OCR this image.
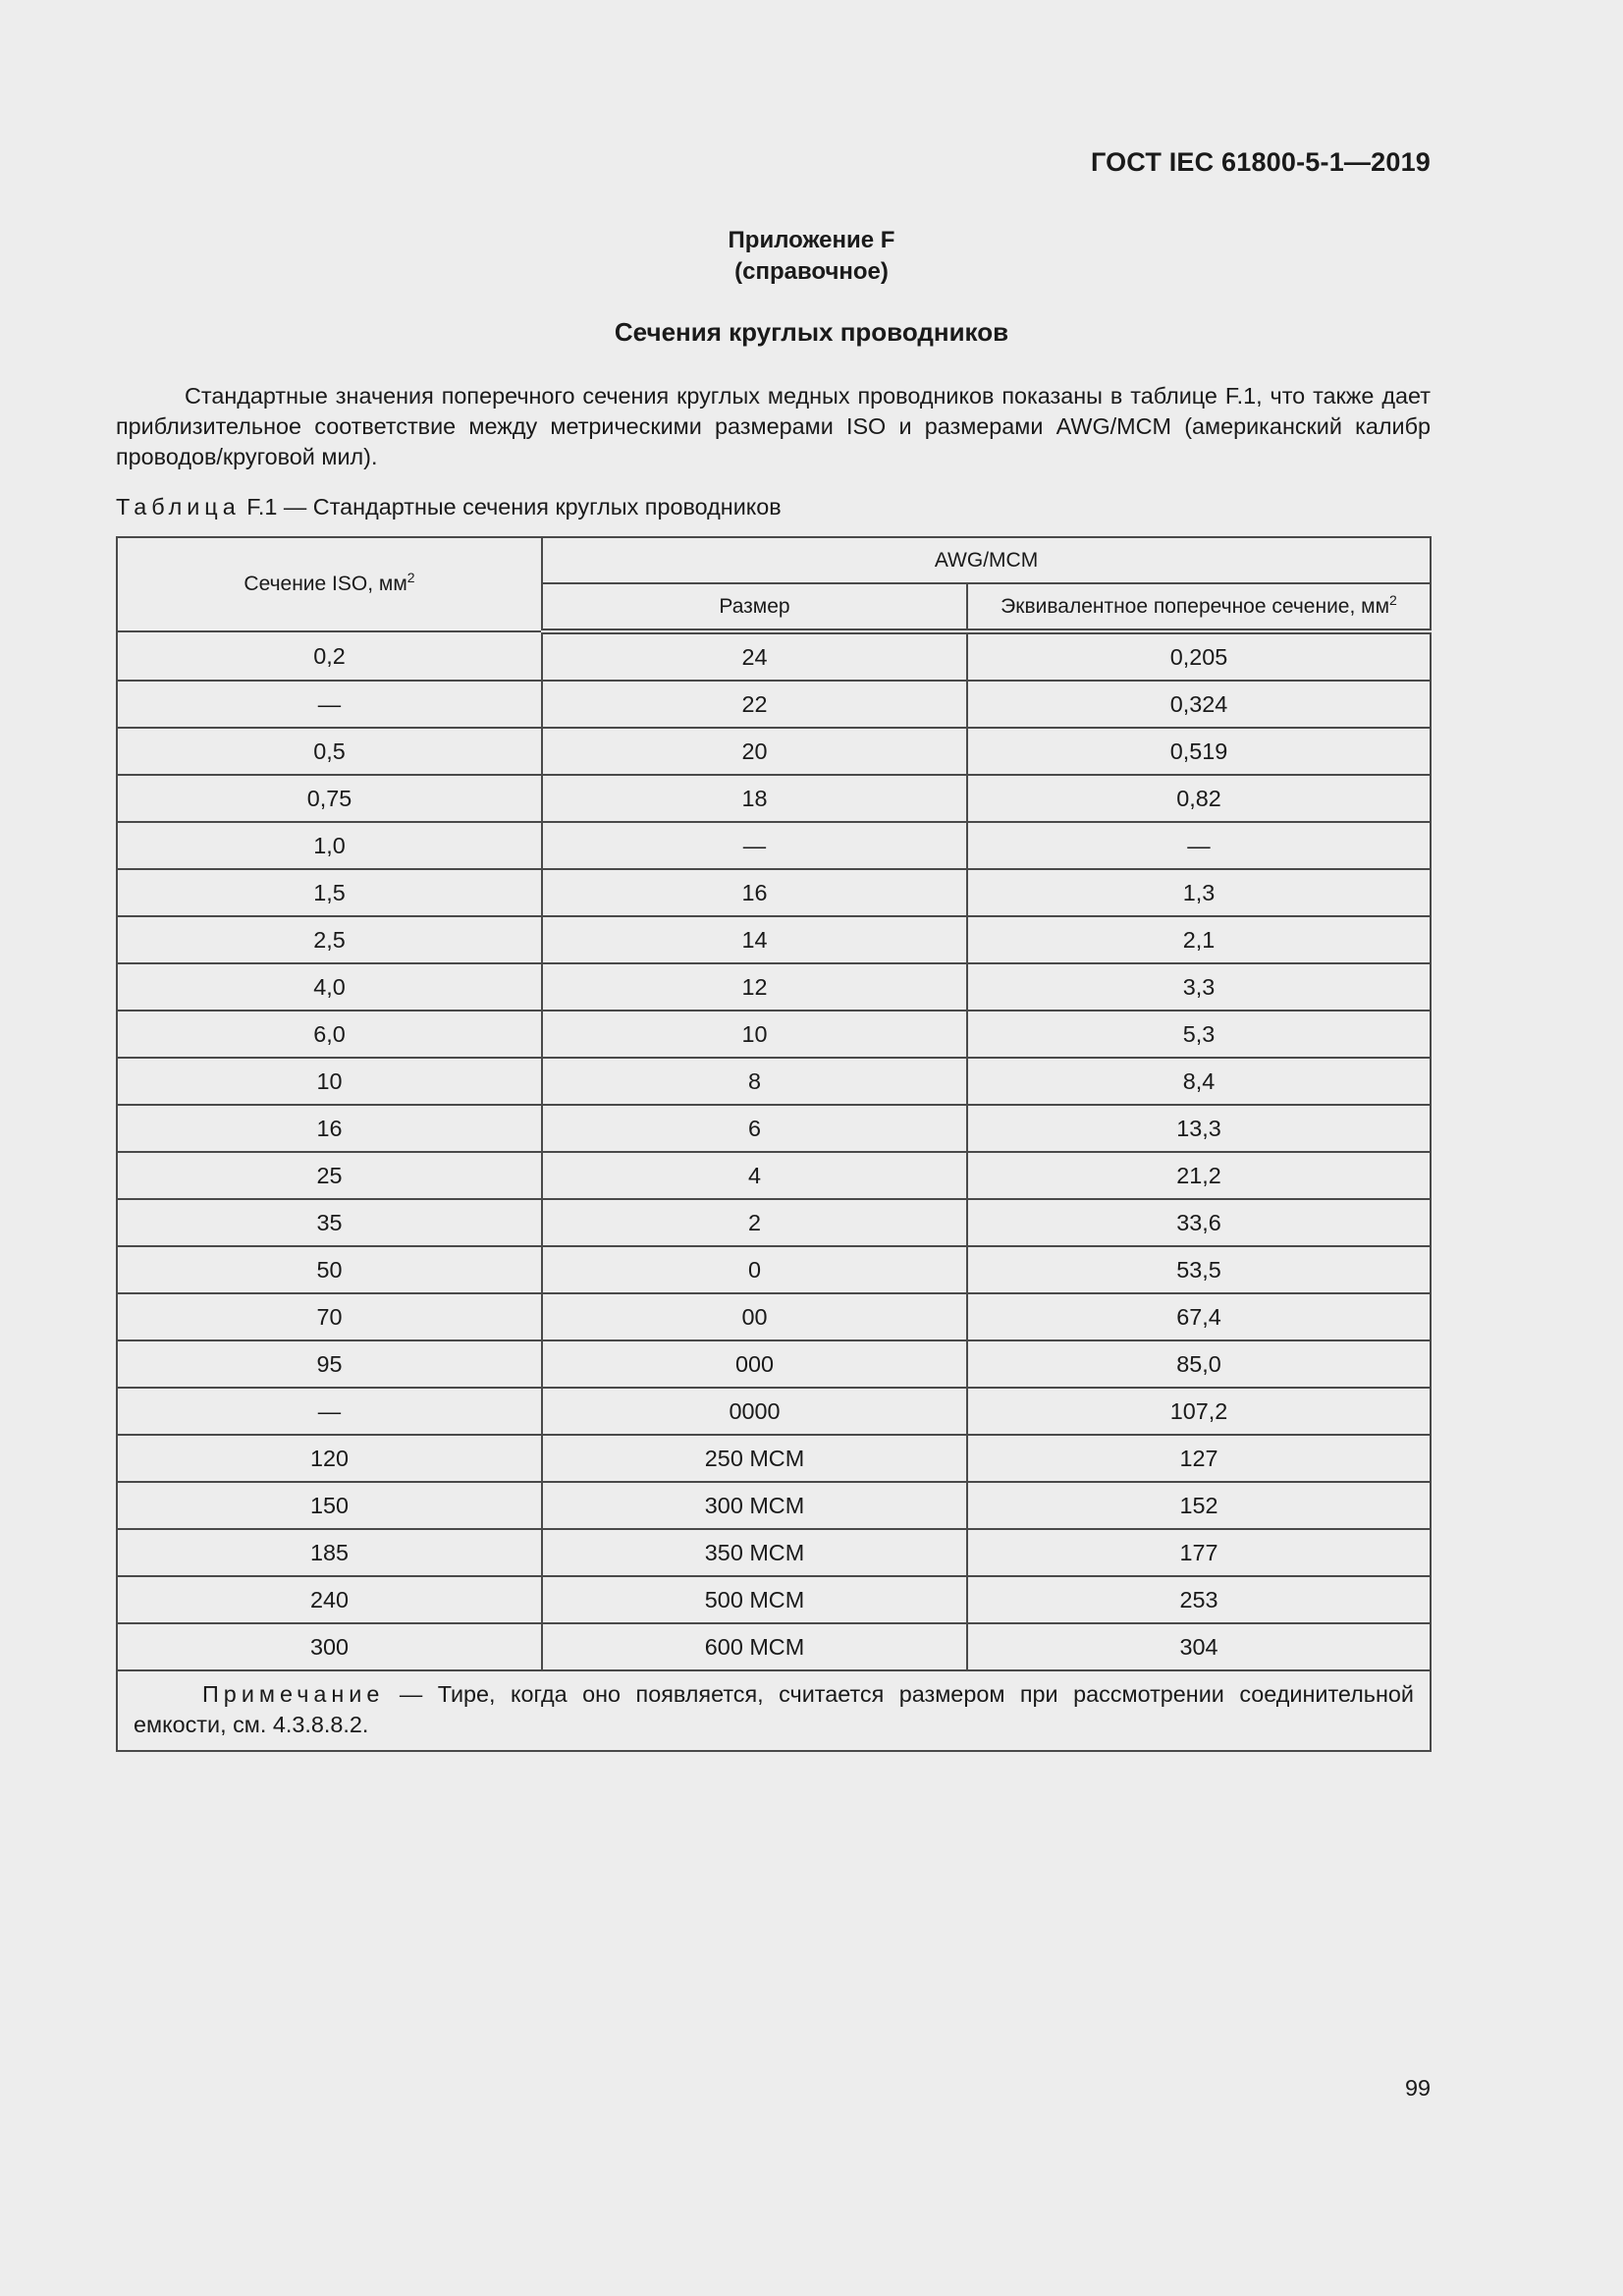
ГОСТ IEC 61800-5-1—2019
Приложение F
(справочное)
Сечения круглых проводников

Стандартные значения поперечного сечения круглых медных проводников показаны в таблице F.1, что также дает приблизительное соответствие между метрическими размерами ISO и размерами AWG/MCM (американский калибр проводов/круговой мил).

Таблица F.1 — Стандартные сечения круглых проводников
Сечение ISO, $мм^2$	AWG/MCM	
	Размер	Эквивалентное поперечное сечение, $мм^2$
0,2	24	0,205
—	22	0,324
0,5	20	0,519
0,75	18	0,82
1,0	—	—
1,5	16	1,3
2,5	14	2,1
4,0	12	3,3
6,0	10	5,3
10	8	8,4
16	6	13,3
25	4	21,2
35	2	33,6
50	0	53,5
70	00	67,4
95	000	85,0
—	0000	107,2
120	250 MCM	127
150	300 MCM	152
185	350 MCM	177
240	500 MCM	253
300	600 MCM	304
Примечание — Тире, когда оно появляется, считается размером при рассмотрении соединительной емкости, см. 4.3.8.8.2.		
99
